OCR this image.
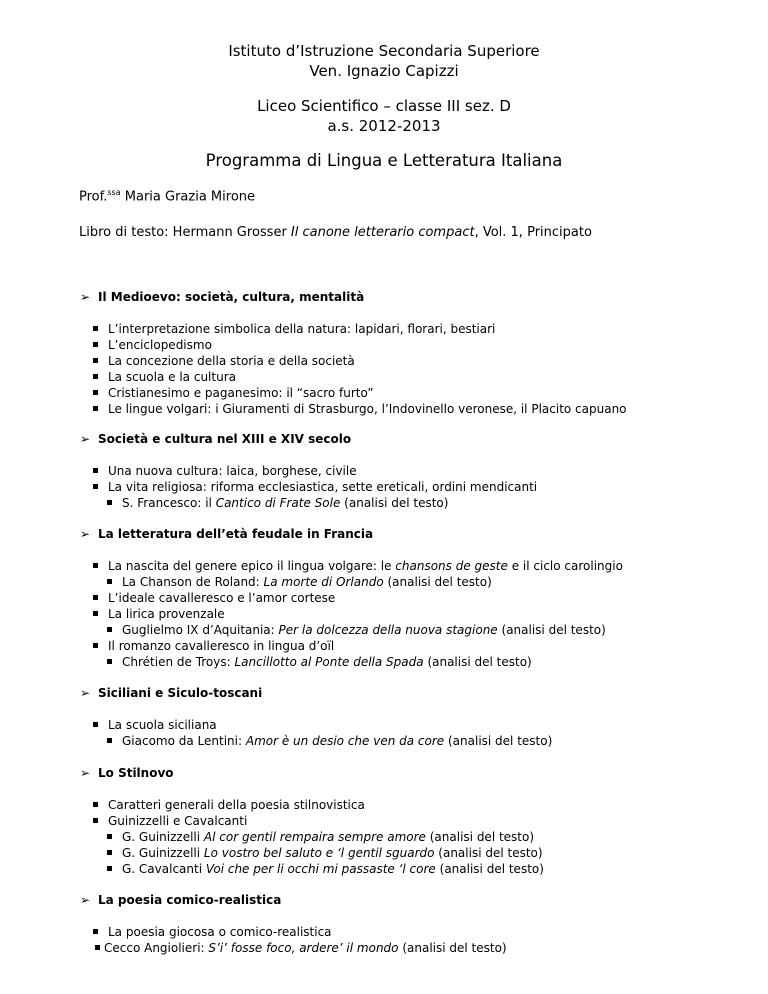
Istituto d’Istruzione Secondaria Superiore
Ven. Ignazio Capizzi
Liceo Scientifico – classe III sez. D
a.s. 2012-2013
Programma di Lingua e Letteratura Italiana
Prof.$^{ssa}$ Maria Grazia Mirone
Libro di testo: Hermann Grosser Il canone letterario compact, Vol. 1, Principato
➢ Il Medioevo: società, cultura, mentalità
L’interpretazione simbolica della natura: lapidari, florari, bestiari
L’enciclopedismo
La concezione della storia e della società
La scuola e la cultura
Cristianesimo e paganesimo: il “sacro furto”
Le lingue volgari: i Giuramenti di Strasburgo, l’Indovinello veronese, il Placito capuano
➢ Società e cultura nel XIII e XIV secolo
Una nuova cultura: laica, borghese, civile
La vita religiosa: riforma ecclesiastica, sette ereticali, ordini mendicanti
S. Francesco: il Cantico di Frate Sole (analisi del testo)
➢ La letteratura dell’età feudale in Francia
La nascita del genere epico il lingua volgare: le chansons de geste e il ciclo carolingio
La Chanson de Roland: La morte di Orlando (analisi del testo)
L’ideale cavalleresco e l’amor cortese
La lirica provenzale
Guglielmo IX d’Aquitania: Per la dolcezza della nuova stagione (analisi del testo)
Il romanzo cavalleresco in lingua d’oïl
Chrétien de Troys: Lancillotto al Ponte della Spada (analisi del testo)
➢ Siciliani e Siculo-toscani
La scuola siciliana
Giacomo da Lentini: Amor è un desio che ven da core (analisi del testo)
➢ Lo Stilnovo
Caratteri generali della poesia stilnovistica
Guinizzelli e Cavalcanti
G. Guinizzelli Al cor gentil rempaira sempre amore (analisi del testo)
G. Guinizzelli Lo vostro bel saluto e ‘l gentil sguardo (analisi del testo)
G. Cavalcanti Voi che per li occhi mi passaste ‘l core (analisi del testo)
➢ La poesia comico-realistica
La poesia giocosa o comico-realistica
Cecco Angiolieri: S’i’ fosse foco, ardere’ il mondo (analisi del testo)
